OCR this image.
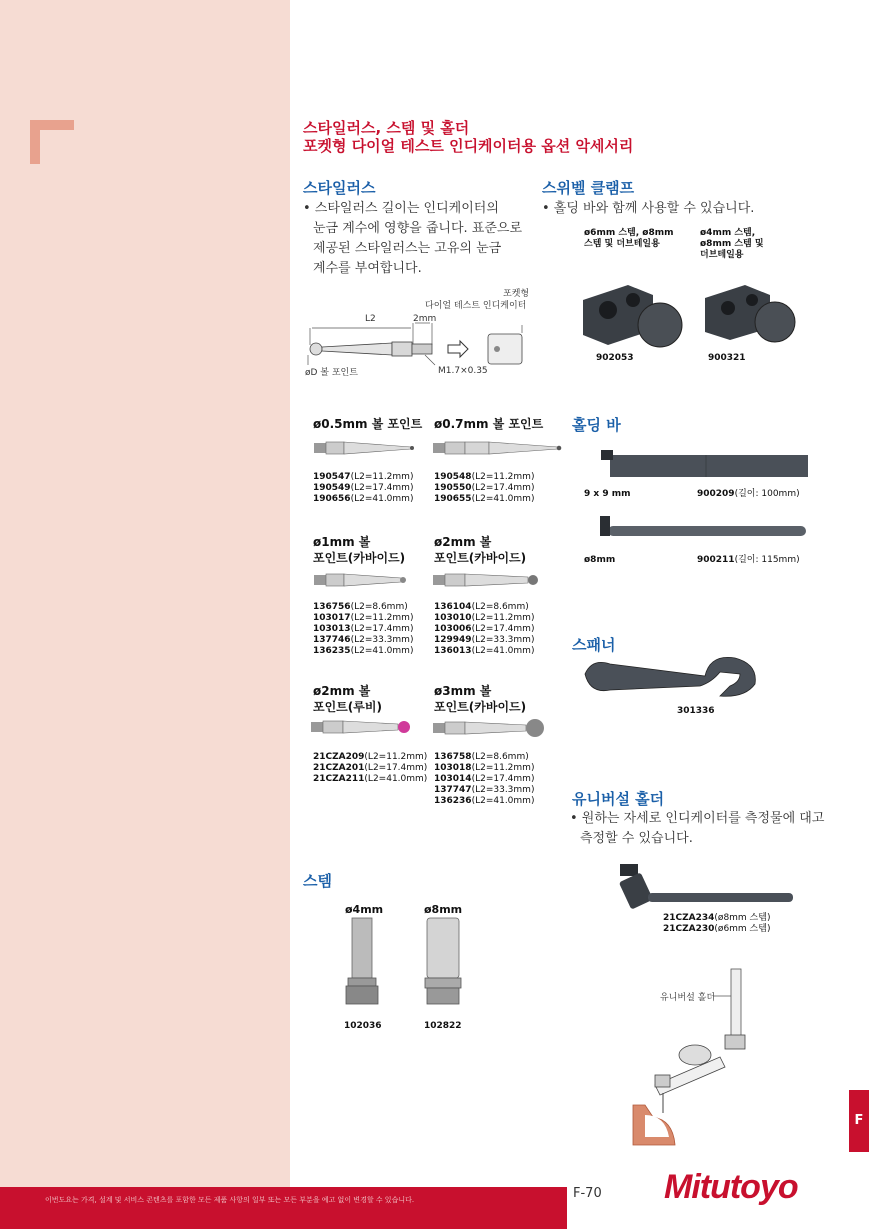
스타일러스, 스템 및 홀더
포켓형 다이얼 테스트 인디케이터용 옵션 악세서리
스타일러스
• 스타일러스 길이는 인디케이터의
눈금 계수에 영향을 줍니다. 표준으로
제공된 스타일러스는 고유의 눈금
계수를 부여합니다.
포켓형
다이얼 테스트 인디케이터
L2	2mm
øD 볼 포인트	M1.7×0.35
ø0.5mm 볼 포인트
190547(L2=11.2mm)
190549(L2=17.4mm)
190656(L2=41.0mm)
ø0.7mm 볼 포인트
190548(L2=11.2mm)
190550(L2=17.4mm)
190655(L2=41.0mm)
ø1mm 볼
포인트(카바이드)
136756(L2=8.6mm)
103017(L2=11.2mm)
103013(L2=17.4mm)
137746(L2=33.3mm)
136235(L2=41.0mm)
ø2mm 볼
포인트(카바이드)
136104(L2=8.6mm)
103010(L2=11.2mm)
103006(L2=17.4mm)
129949(L2=33.3mm)
136013(L2=41.0mm)
ø2mm 볼
포인트(루비)
21CZA209(L2=11.2mm)
21CZA201(L2=17.4mm)
21CZA211(L2=41.0mm)
ø3mm 볼
포인트(카바이드)
136758(L2=8.6mm)
103018(L2=11.2mm)
103014(L2=17.4mm)
137747(L2=33.3mm)
136236(L2=41.0mm)
스템
ø4mm	ø8mm
102036	102822
스위벨 클램프
• 홀딩 바와 함께 사용할 수 있습니다.
ø6mm 스템, ø8mm
스템 및 더브테일용
ø4mm 스템,
ø8mm 스템 및
더브테일용
902053	900321
홀딩 바
9 x 9 mm	900209(길이: 100mm)
ø8mm	900211(길이: 115mm)
스패너
301336
유니버설 홀더
• 원하는 자세로 인디케이터를 측정물에 대고
측정할 수 있습니다.
21CZA234(ø8mm 스템)
21CZA230(ø6mm 스템)
유니버설 홀더
이번도요는 가격, 설계 및 서비스 콘텐츠를 포함한 모든 제품 사항의 일부 또는 모든 부분을 예고 없이 변경할 수 있습니다.	F-70
F
Mitutoyo
